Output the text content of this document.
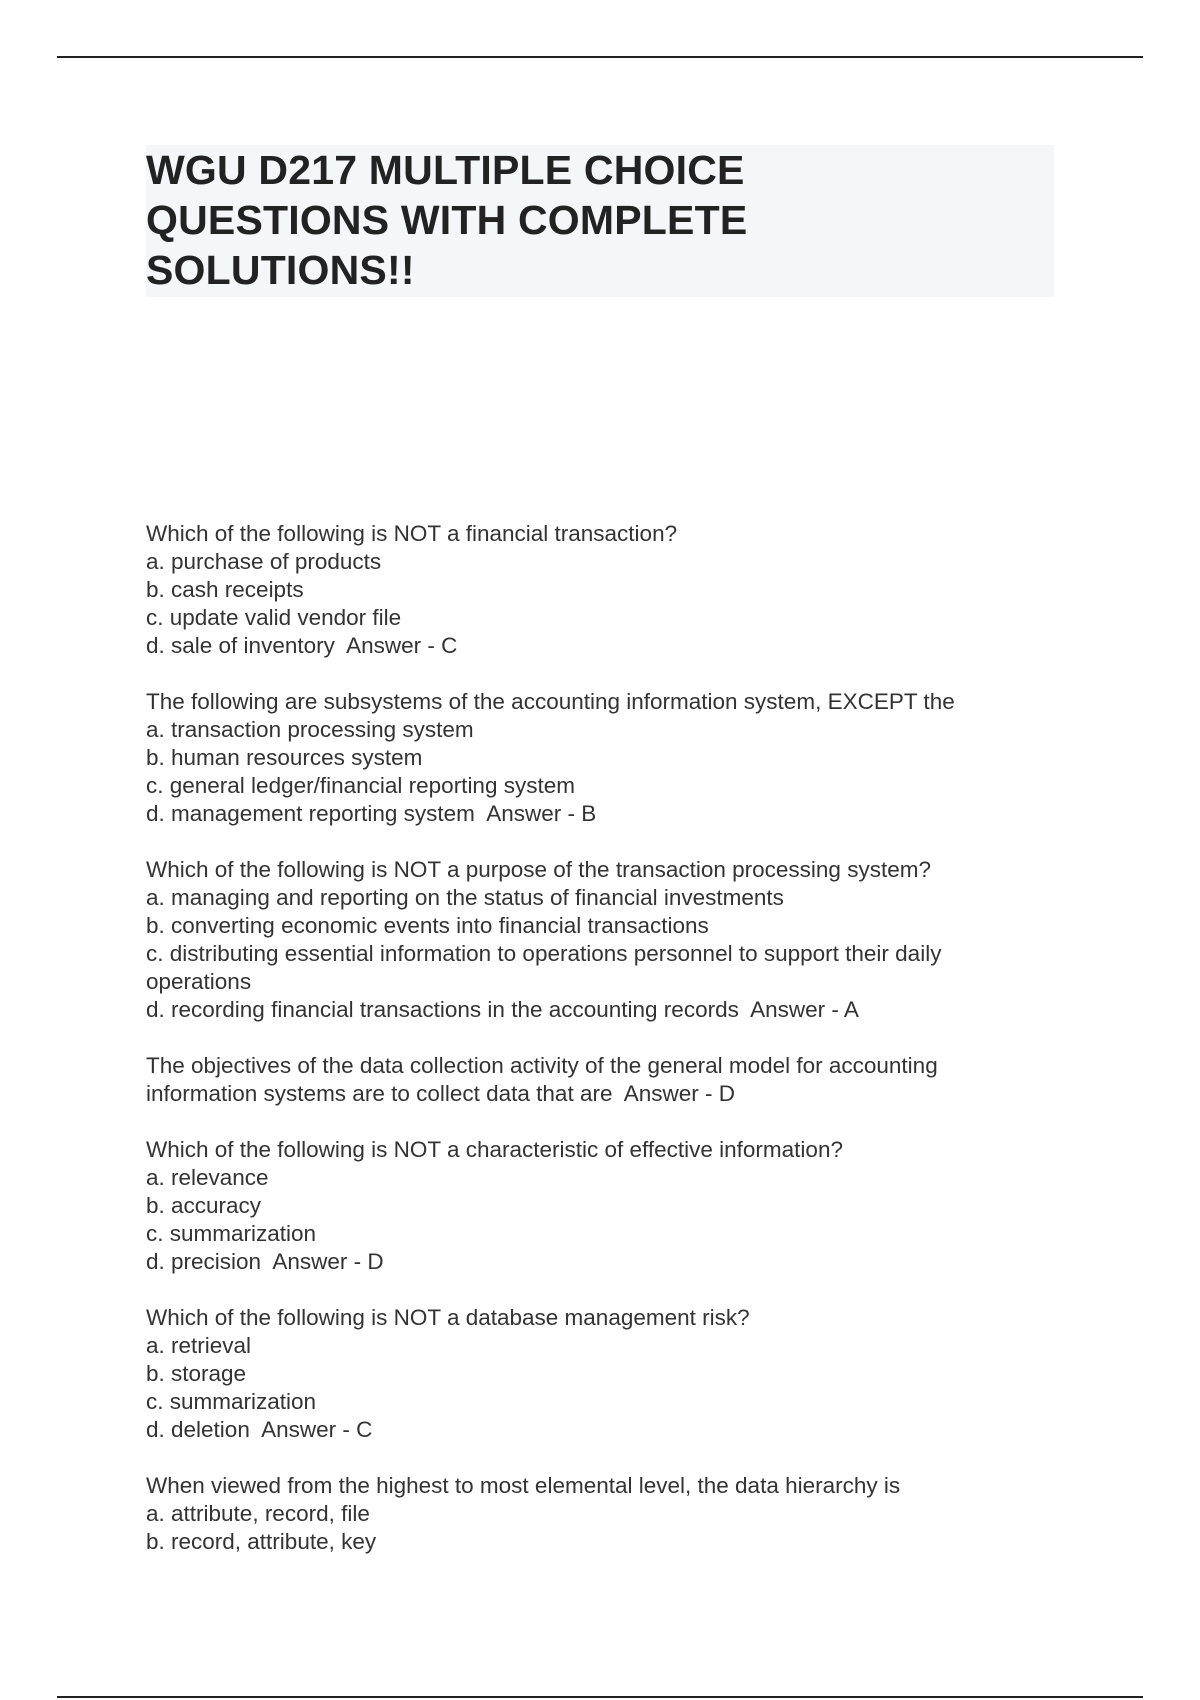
WGU D217 MULTIPLE CHOICE QUESTIONS WITH COMPLETE SOLUTIONS!!
Which of the following is NOT a financial transaction?
a. purchase of products
b. cash receipts
c. update valid vendor file
d. sale of inventory Answer - C
The following are subsystems of the accounting information system, EXCEPT the
a. transaction processing system
b. human resources system
c. general ledger/financial reporting system
d. management reporting system Answer - B
Which of the following is NOT a purpose of the transaction processing system?
a. managing and reporting on the status of financial investments
b. converting economic events into financial transactions
c. distributing essential information to operations personnel to support their daily operations
d. recording financial transactions in the accounting records Answer - A
The objectives of the data collection activity of the general model for accounting information systems are to collect data that are Answer - D
Which of the following is NOT a characteristic of effective information?
a. relevance
b. accuracy
c. summarization
d. precision Answer - D
Which of the following is NOT a database management risk?
a. retrieval
b. storage
c. summarization
d. deletion Answer - C
When viewed from the highest to most elemental level, the data hierarchy is
a. attribute, record, file
b. record, attribute, key
